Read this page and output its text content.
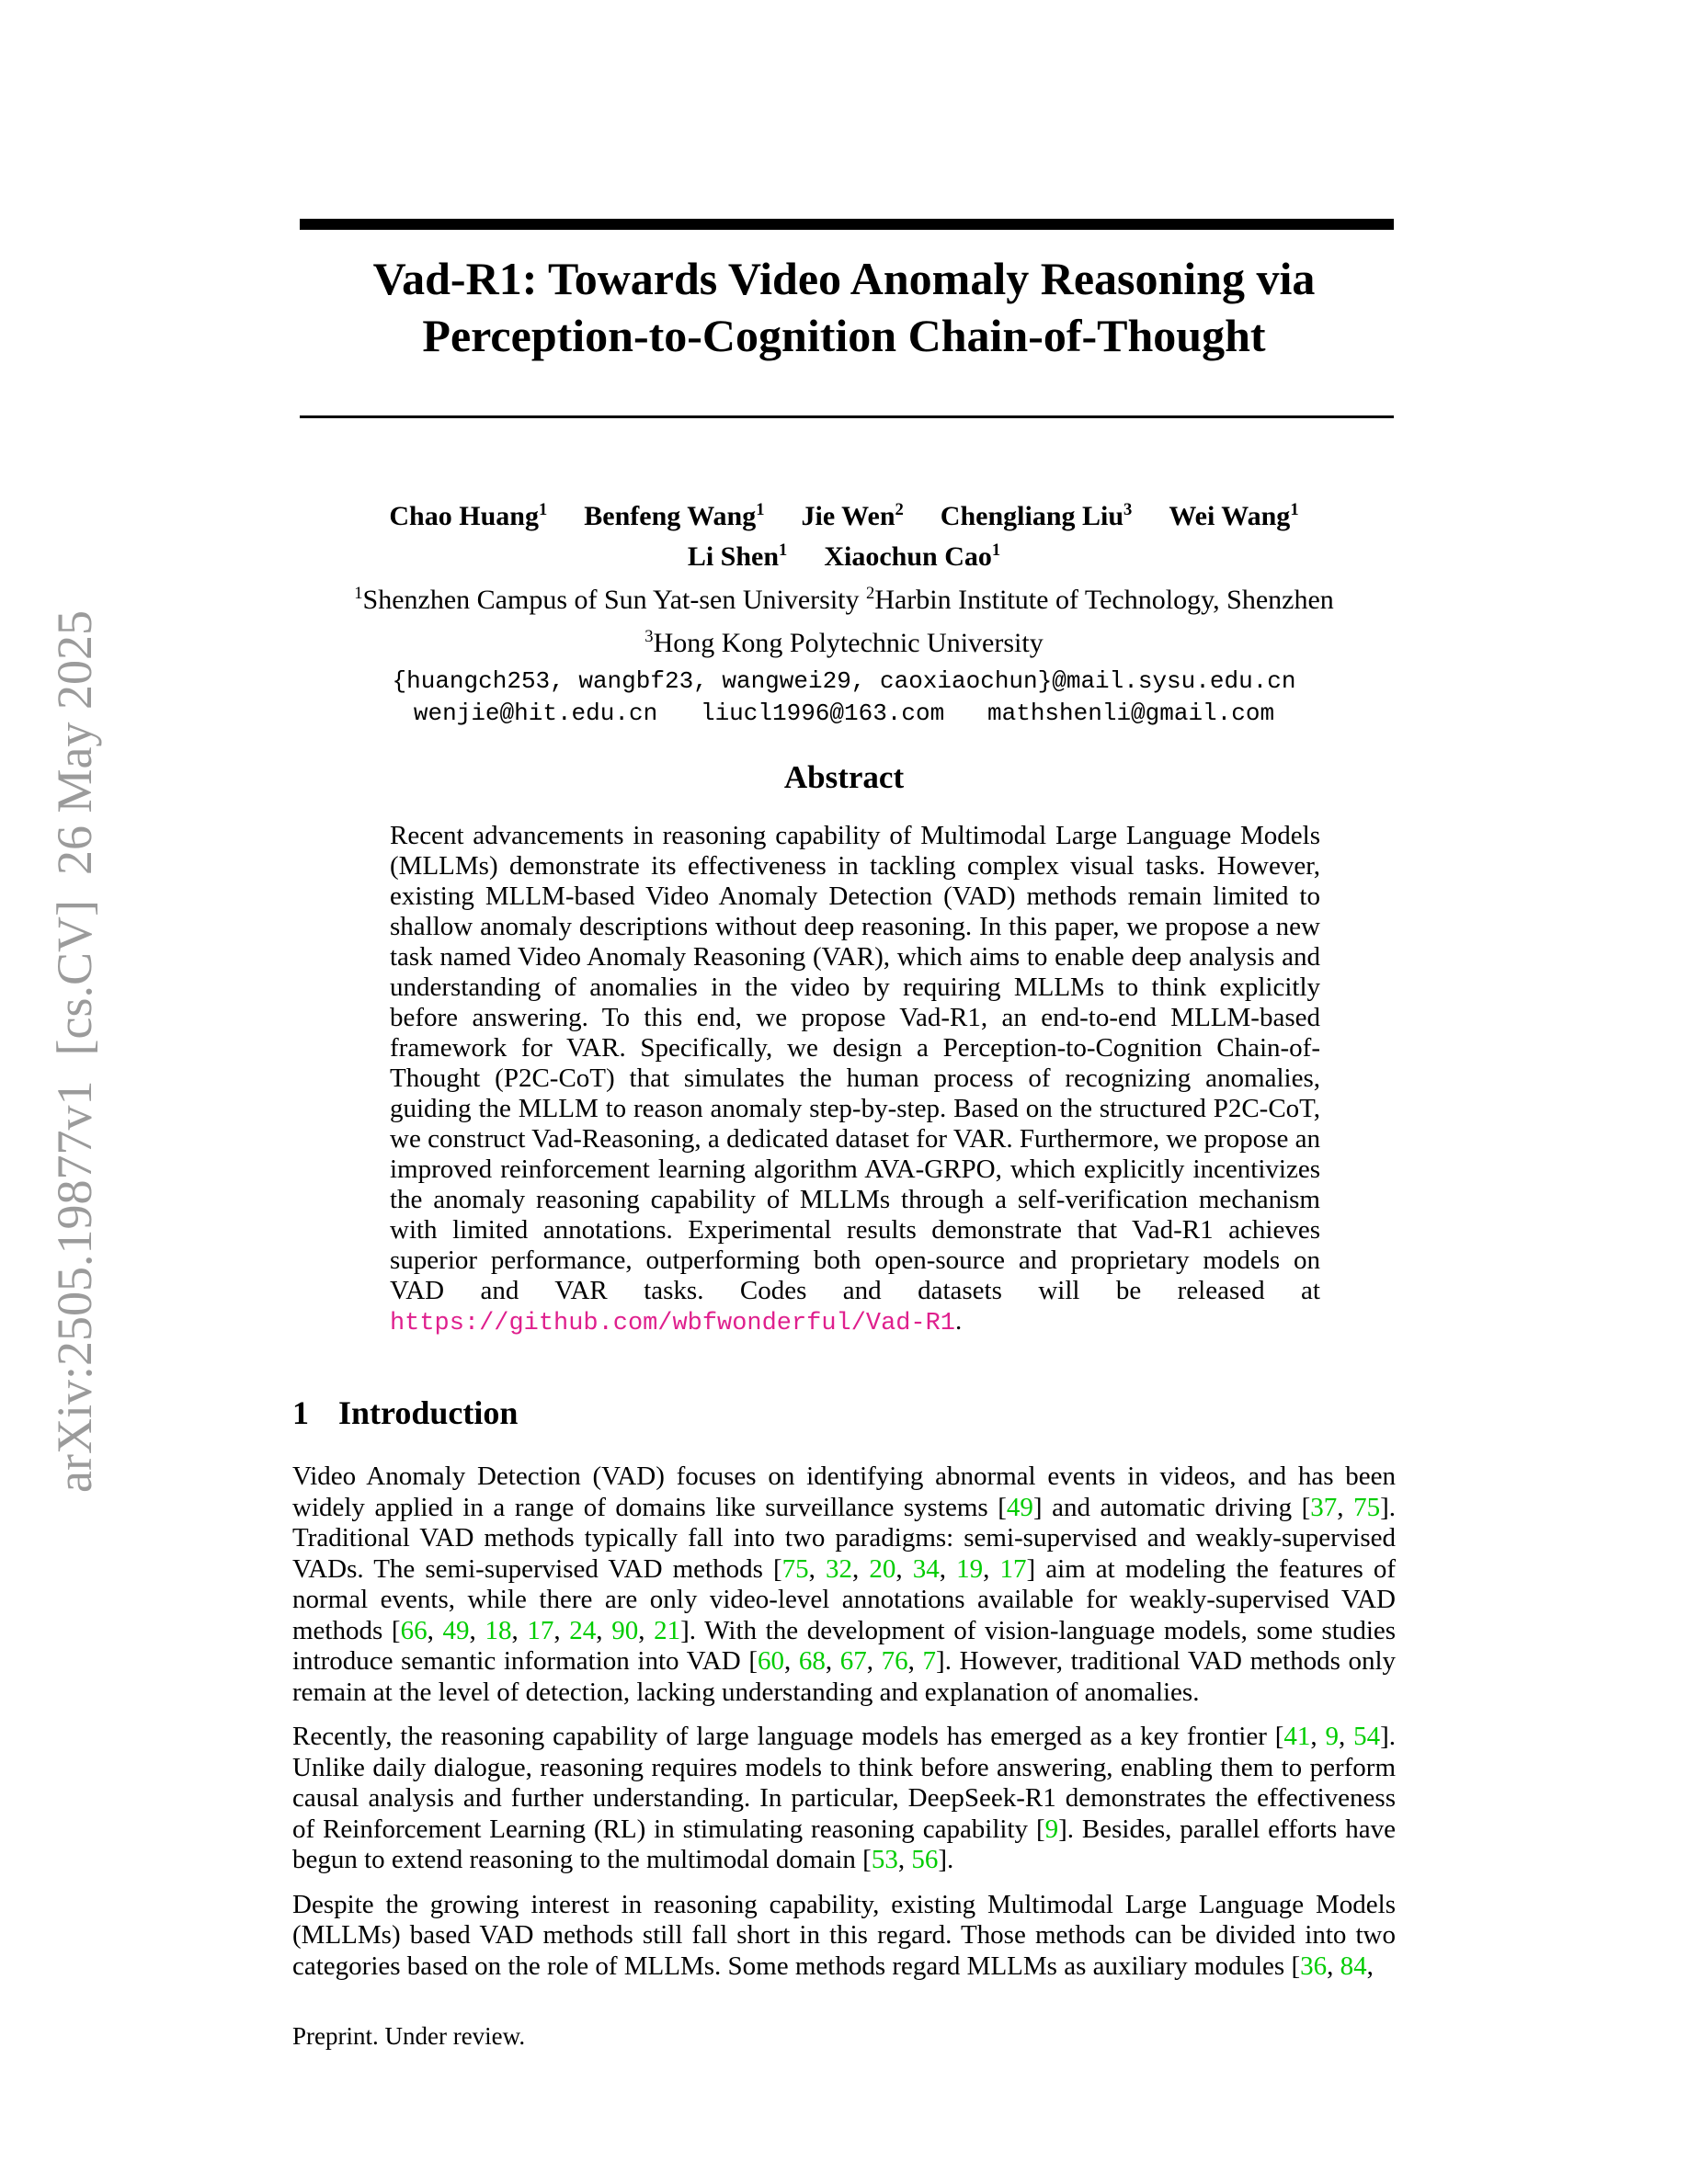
arXiv:2505.19877v1  [cs.CV]  26 May 2025
Vad-R1: Towards Video Anomaly Reasoning via
Perception-to-Cognition Chain-of-Thought
Chao Huang$^1$ Benfeng Wang$^1$ Jie Wen$^2$ Chengliang Liu$^3$ Wei Wang$^1$
Li Shen$^1$ Xiaochun Cao$^1$
$^1$Shenzhen Campus of Sun Yat-sen University $^2$Harbin Institute of Technology, Shenzhen
$^3$Hong Kong Polytechnic University
{huangch253, wangbf23, wangwei29, caoxiaochun}@mail.sysu.edu.cn
wenjie@hit.edu.cn   liucl1996@163.com   mathshenli@gmail.com
Abstract
Recent advancements in reasoning capability of Multimodal Large Language Models (MLLMs) demonstrate its effectiveness in tackling complex visual tasks. However, existing MLLM-based Video Anomaly Detection (VAD) methods remain limited to shallow anomaly descriptions without deep reasoning. In this paper, we propose a new task named Video Anomaly Reasoning (VAR), which aims to enable deep analysis and understanding of anomalies in the video by requiring MLLMs to think explicitly before answering. To this end, we propose Vad-R1, an end-to-end MLLM-based framework for VAR. Specifically, we design a Perception-to-Cognition Chain-of-Thought (P2C-CoT) that simulates the human process of recognizing anomalies, guiding the MLLM to reason anomaly step-by-step. Based on the structured P2C-CoT, we construct Vad-Reasoning, a dedicated dataset for VAR. Furthermore, we propose an improved reinforcement learning algorithm AVA-GRPO, which explicitly incentivizes the anomaly reasoning capability of MLLMs through a self-verification mechanism with limited annotations. Experimental results demonstrate that Vad-R1 achieves superior performance, outperforming both open-source and proprietary models on VAD and VAR tasks. Codes and datasets will be released at https://github.com/wbfwonderful/Vad-R1.
1 Introduction

Video Anomaly Detection (VAD) focuses on identifying abnormal events in videos, and has been widely applied in a range of domains like surveillance systems [49] and automatic driving [37, 75]. Traditional VAD methods typically fall into two paradigms: semi-supervised and weakly-supervised VADs. The semi-supervised VAD methods [75, 32, 20, 34, 19, 17] aim at modeling the features of normal events, while there are only video-level annotations available for weakly-supervised VAD methods [66, 49, 18, 17, 24, 90, 21]. With the development of vision-language models, some studies introduce semantic information into VAD [60, 68, 67, 76, 7]. However, traditional VAD methods only remain at the level of detection, lacking understanding and explanation of anomalies.

Recently, the reasoning capability of large language models has emerged as a key frontier [41, 9, 54]. Unlike daily dialogue, reasoning requires models to think before answering, enabling them to perform causal analysis and further understanding. In particular, DeepSeek-R1 demonstrates the effectiveness of Reinforcement Learning (RL) in stimulating reasoning capability [9]. Besides, parallel efforts have begun to extend reasoning to the multimodal domain [53, 56].

Despite the growing interest in reasoning capability, existing Multimodal Large Language Models (MLLMs) based VAD methods still fall short in this regard. Those methods can be divided into two categories based on the role of MLLMs. Some methods regard MLLMs as auxiliary modules [36, 84,

Preprint. Under review.
